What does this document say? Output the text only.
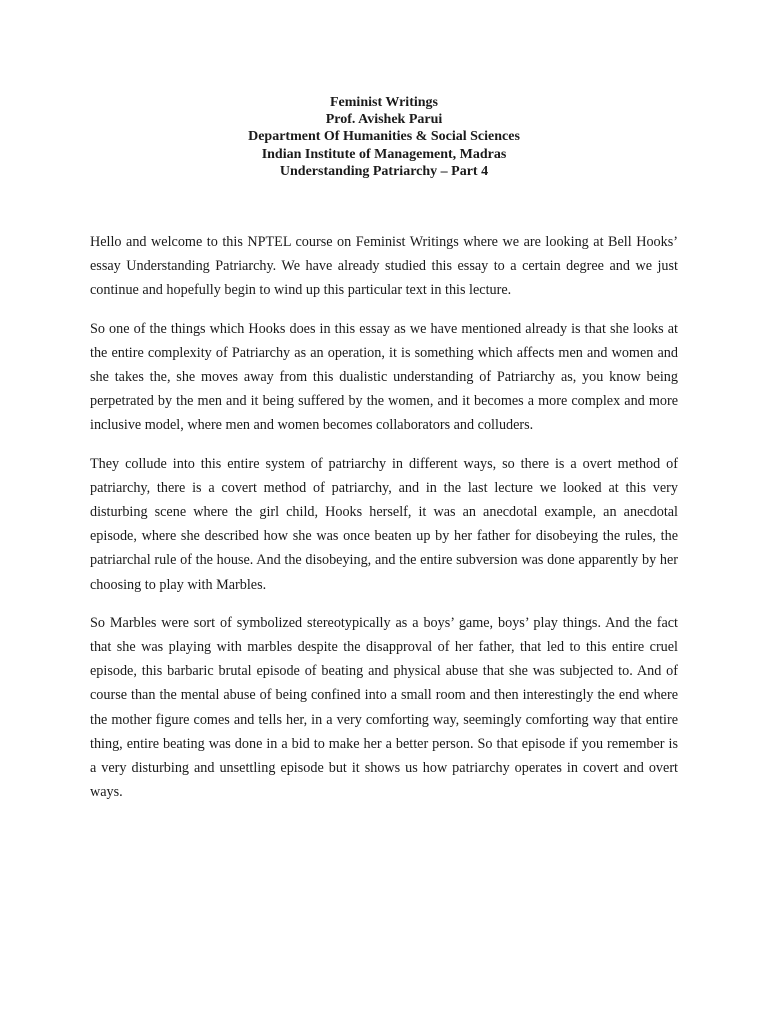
Feminist Writings
Prof. Avishek Parui
Department Of Humanities & Social Sciences
Indian Institute of Management, Madras
Understanding Patriarchy – Part 4

Hello and welcome to this NPTEL course on Feminist Writings where we are looking at Bell Hooks’ essay Understanding Patriarchy. We have already studied this essay to a certain degree and we just continue and hopefully begin to wind up this particular text in this lecture.

So one of the things which Hooks does in this essay as we have mentioned already is that she looks at the entire complexity of Patriarchy as an operation, it is something which affects men and women and she takes the, she moves away from this dualistic understanding of Patriarchy as, you know being perpetrated by the men and it being suffered by the women, and it becomes a more complex and more inclusive model, where men and women becomes collaborators and colluders.

They collude into this entire system of patriarchy in different ways, so there is a overt method of patriarchy, there is a covert method of patriarchy, and in the last lecture we looked at this very disturbing scene where the girl child, Hooks herself, it was an anecdotal example, an anecdotal episode, where she described how she was once beaten up by her father for disobeying the rules, the patriarchal rule of the house. And the disobeying, and the entire subversion was done apparently by her choosing to play with Marbles.

So Marbles were sort of symbolized stereotypically as a boys’ game, boys’ play things. And the fact that she was playing with marbles despite the disapproval of her father, that led to this entire cruel episode, this barbaric brutal episode of beating and physical abuse that she was subjected to. And of course than the mental abuse of being confined into a small room and then interestingly the end where the mother figure comes and tells her, in a very comforting way, seemingly comforting way that entire thing, entire beating was done in a bid to make her a better person. So that episode if you remember is a very disturbing and unsettling episode but it shows us how patriarchy operates in covert and overt ways.
